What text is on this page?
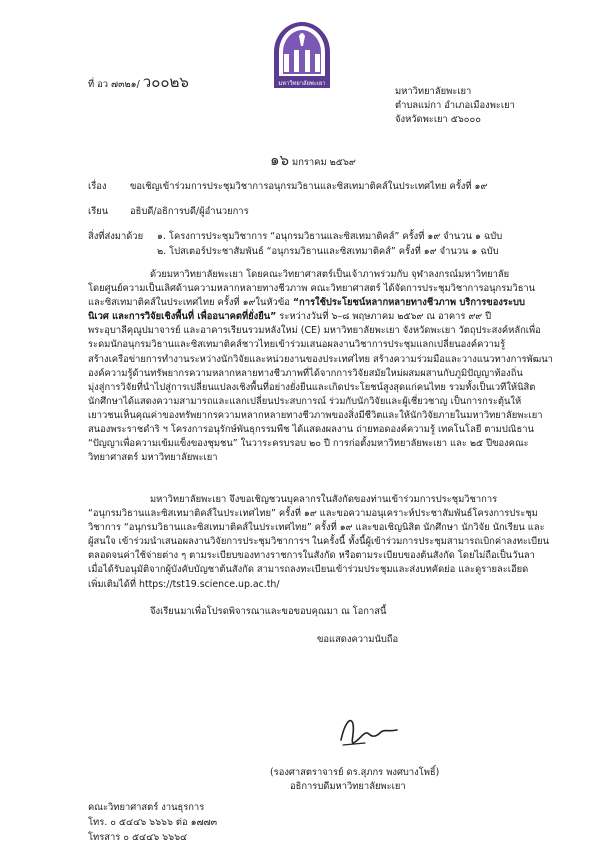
มหาวิทยาลัยพะเยา
ที่ อว ๗๓๒๑/ ว๐๐๒๖
มหาวิทยาลัยพะเยา
ตำบลแม่กา อำเภอเมืองพะเยา
จังหวัดพะเยา ๕๖๐๐๐
๑๖ มกราคม ๒๕๖๙
เรื่อง	ขอเชิญเข้าร่วมการประชุมวิชาการอนุกรมวิธานและซิสเทมาติคส์ในประเทศไทย ครั้งที่ ๑๙
เรียน อธิบดี/อธิการบดี/ผู้อำนวยการ
สิ่งที่ส่งมาด้วย ๑. โครงการประชุมวิชาการ “อนุกรมวิธานและซิสเทมาติคส์” ครั้งที่ ๑๙ จำนวน ๑ ฉบับ
๒. โปสเตอร์ประชาสัมพันธ์ “อนุกรมวิธานและซิสเทมาติคส์” ครั้งที่ ๑๙ จำนวน ๑ ฉบับ

ด้วยมหาวิทยาลัยพะเยา โดยคณะวิทยาศาสตร์เป็นเจ้าภาพร่วมกับ จุฬาลงกรณ์มหาวิทยาลัย

โดยศูนย์ความเป็นเลิศด้านความหลากหลายทางชีวภาพ คณะวิทยาศาสตร์ ได้จัดการประชุมวิชาการอนุกรมวิธาน

และซิสเทมาติคส์ในประเทศไทย ครั้งที่ ๑๙ในหัวข้อ “การใช้ประโยชน์หลากหลายทางชีวภาพ บริการของระบบ

นิเวศ และการวิจัยเชิงพื้นที่ เพื่ออนาคตที่ยั่งยืน” ระหว่างวันที่ ๖–๘ พฤษภาคม ๒๕๖๙ ณ อาคาร ๙๙ ปี

พระอุบาลีคุณูปมาจารย์ และอาคารเรียนรวมหลังใหม่ (CE) มหาวิทยาลัยพะเยา จังหวัดพะเยา วัตถุประสงค์หลักเพื่อ

ระดมนักอนุกรมวิธานและซิสเทมาติคส์ชาวไทยเข้าร่วมเสนอผลงานวิชาการประชุมแลกเปลี่ยนองค์ความรู้

สร้างเครือข่ายการทำงานระหว่างนักวิจัยและหน่วยงานของประเทศไทย สร้างความร่วมมือและวางแนวทางการพัฒนา

องค์ความรู้ด้านทรัพยากรความหลากหลายทางชีวภาพที่ได้จากการวิจัยสมัยใหม่ผสมผสานกับภูมิปัญญาท้องถิ่น

มุ่งสู่การวิจัยที่นำไปสู่การเปลี่ยนแปลงเชิงพื้นที่อย่างยั่งยืนและเกิดประโยชน์สูงสุดแก่คนไทย รวมทั้งเป็นเวทีให้นิสิต

นักศึกษาได้แสดงความสามารถและแลกเปลี่ยนประสบการณ์ ร่วมกับนักวิจัยและผู้เชี่ยวชาญ เป็นการกระตุ้นให้

เยาวชนเห็นคุณค่าของทรัพยากรความหลากหลายทางชีวภาพของสิ่งมีชีวิตและให้นักวิจัยภายในมหาวิทยาลัยพะเยา

สนองพระราชดำริ ฯ โครงการอนุรักษ์พันธุกรรมพืช ได้แสดงผลงาน ถ่ายทอดองค์ความรู้ เทคโนโลยี ตามปณิธาน

“ปัญญาเพื่อความเข้มแข็งของชุมชน” ในวาระครบรอบ ๒๐ ปี การก่อตั้งมหาวิทยาลัยพะเยา และ ๒๕ ปีของคณะ

วิทยาศาสตร์ มหาวิทยาลัยพะเยา

มหาวิทยาลัยพะเยา จึงขอเชิญชวนบุคลากรในสังกัดของท่านเข้าร่วมการประชุมวิชาการ

“อนุกรมวิธานและซิสเทมาติคส์ในประเทศไทย” ครั้งที่ ๑๙ และขอความอนุเคราะห์ประชาสัมพันธ์โครงการประชุม

วิชาการ “อนุกรมวิธานและซิสเทมาติคส์ในประเทศไทย” ครั้งที่ ๑๙ และขอเชิญนิสิต นักศึกษา นักวิจัย นักเรียน และ

ผู้สนใจ เข้าร่วมนำเสนอผลงานวิจัยการประชุมวิชาการฯ ในครั้งนี้ ทั้งนี้ผู้เข้าร่วมการประชุมสามารถเบิกค่าลงทะเบียน

ตลอดจนค่าใช้จ่ายต่าง ๆ ตามระเบียบของทางราชการในสังกัด หรือตามระเบียบของต้นสังกัด โดยไม่ถือเป็นวันลา

เมื่อได้รับอนุมัติจากผู้บังคับบัญชาต้นสังกัด สามารถลงทะเบียนเข้าร่วมประชุมและส่งบทคัดย่อ และดูรายละเอียด

เพิ่มเติมได้ที่ https://tst19.science.up.ac.th/

จึงเรียนมาเพื่อโปรดพิจารณาและขอขอบคุณมา ณ โอกาสนี้
ขอแสดงความนับถือ
(รองศาสตราจารย์ ดร.สุภกร พงศบางโพธิ์)
อธิการบดีมหาวิทยาลัยพะเยา
คณะวิทยาศาสตร์ งานธุรการ
โทร. ๐ ๕๔๔๖ ๖๖๖๖ ต่อ ๑๗๗๓
โทรสาร ๐ ๕๔๔๖ ๖๖๖๔
